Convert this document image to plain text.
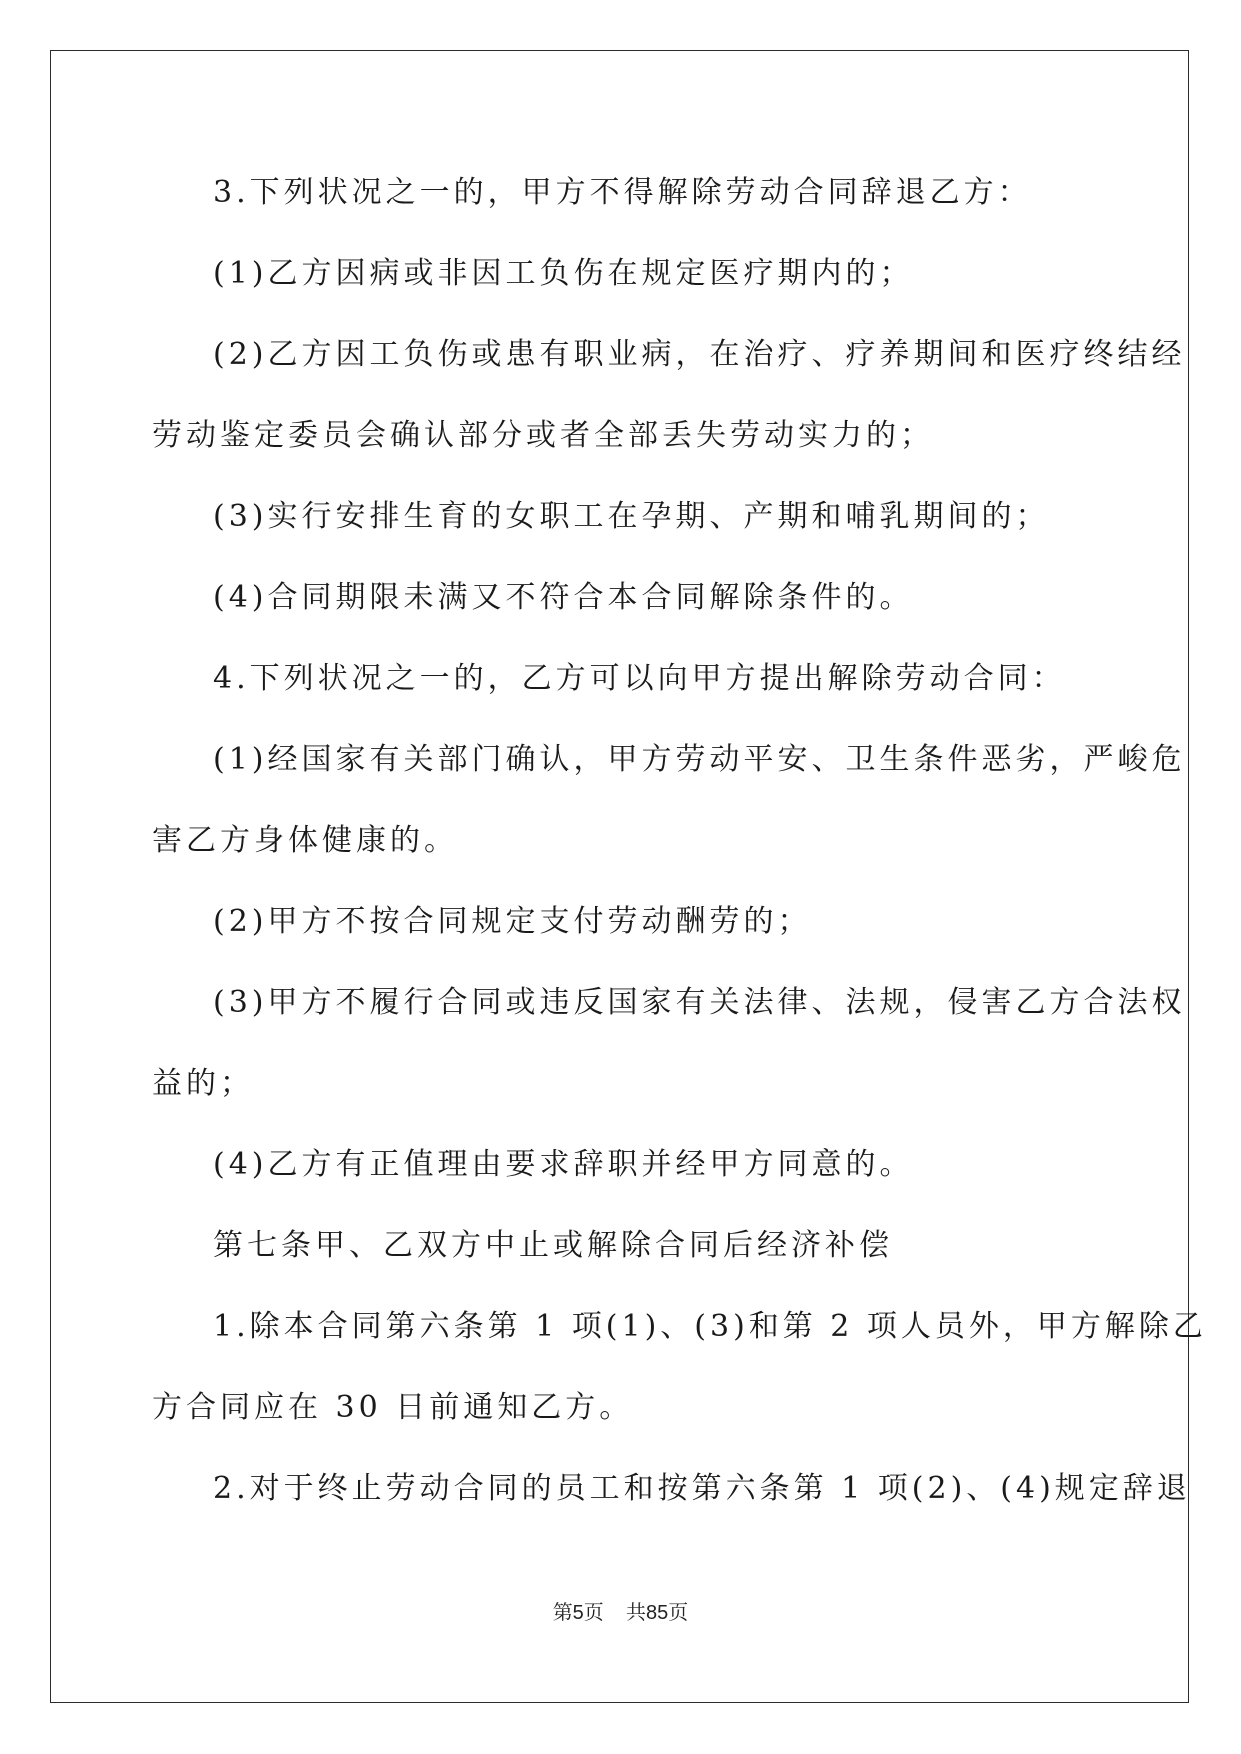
3.下列状况之一的，甲方不得解除劳动合同辞退乙方：
(1)乙方因病或非因工负伤在规定医疗期内的；
(2)乙方因工负伤或患有职业病，在治疗、疗养期间和医疗终结经
劳动鉴定委员会确认部分或者全部丢失劳动实力的；
(3)实行安排生育的女职工在孕期、产期和哺乳期间的；
(4)合同期限未满又不符合本合同解除条件的。
4.下列状况之一的，乙方可以向甲方提出解除劳动合同：
(1)经国家有关部门确认，甲方劳动平安、卫生条件恶劣，严峻危
害乙方身体健康的。
(2)甲方不按合同规定支付劳动酬劳的；
(3)甲方不履行合同或违反国家有关法律、法规，侵害乙方合法权
益的；
(4)乙方有正值理由要求辞职并经甲方同意的。
第七条甲、乙双方中止或解除合同后经济补偿
1.除本合同第六条第 1 项(1)、(3)和第 2 项人员外，甲方解除乙
方合同应在 30 日前通知乙方。
2.对于终止劳动合同的员工和按第六条第 1 项(2)、(4)规定辞退
第5页 共85页
